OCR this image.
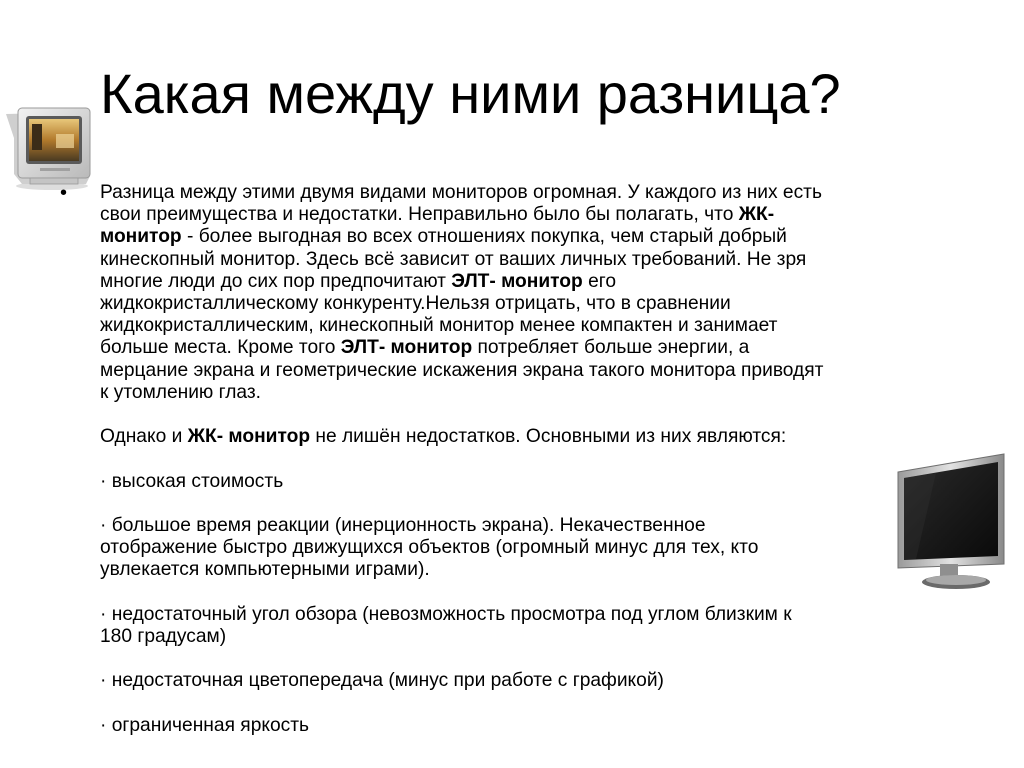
Какая между ними разница?
• Разница между этими двумя видами мониторов огромная. У каждого из них есть
свои преимущества и недостатки. Неправильно было бы полагать, что ЖК-
монитор - более выгодная во всех отношениях покупка, чем старый добрый
кинескопный монитор. Здесь всё зависит от ваших личных требований. Не зря
многие люди до сих пор предпочитают ЭЛТ- монитор его
жидкокристаллическому конкуренту.Нельзя отрицать, что в сравнении
жидкокристаллическим, кинескопный монитор менее компактен и занимает
больше места. Кроме того ЭЛТ- монитор потребляет больше энергии, а
мерцание экрана и геометрические искажения экрана такого монитора приводят
к утомлению глаз.

Однако и ЖК- монитор не лишён недостатков. Основными из них являются:

· высокая стоимость

· большое время реакции (инерционность экрана). Некачественное
отображение быстро движущихся объектов (огромный минус для тех, кто
увлекается компьютерными играми).

· недостаточный угол обзора (невозможность просмотра под углом близким к
180 градусам)

· недостаточная цветопередача (минус при работе с графикой)

· ограниченная яркость
